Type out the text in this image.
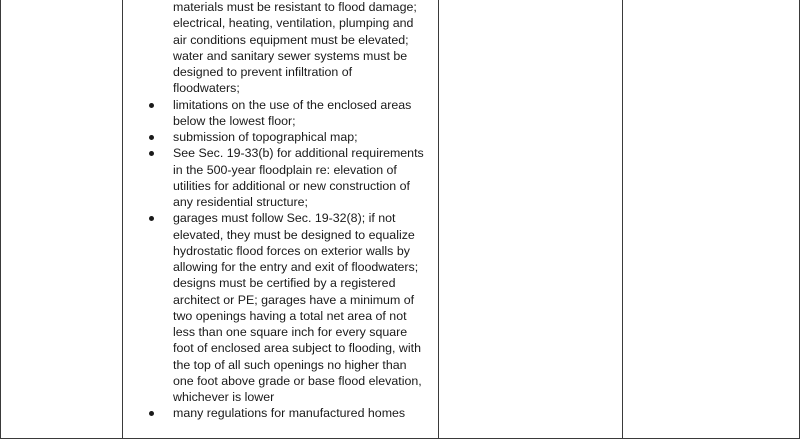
materials must be resistant to flood damage;
electrical, heating, ventilation, plumping and
air conditions equipment must be elevated;
water and sanitary sewer systems must be
designed to prevent infiltration of
floodwaters;

limitations on the use of the enclosed areas
below the lowest floor;
submission of topographical map;
See Sec. 19-33(b) for additional requirements
in the 500-year floodplain re: elevation of
utilities for additional or new construction of
any residential structure;
garages must follow Sec. 19-32(8); if not
elevated, they must be designed to equalize
hydrostatic flood forces on exterior walls by
allowing for the entry and exit of floodwaters;
designs must be certified by a registered
architect or PE; garages have a minimum of
two openings having a total net area of not
less than one square inch for every square
foot of enclosed area subject to flooding, with
the top of all such openings no higher than
one foot above grade or base flood elevation,
whichever is lower
many regulations for manufactured homes
